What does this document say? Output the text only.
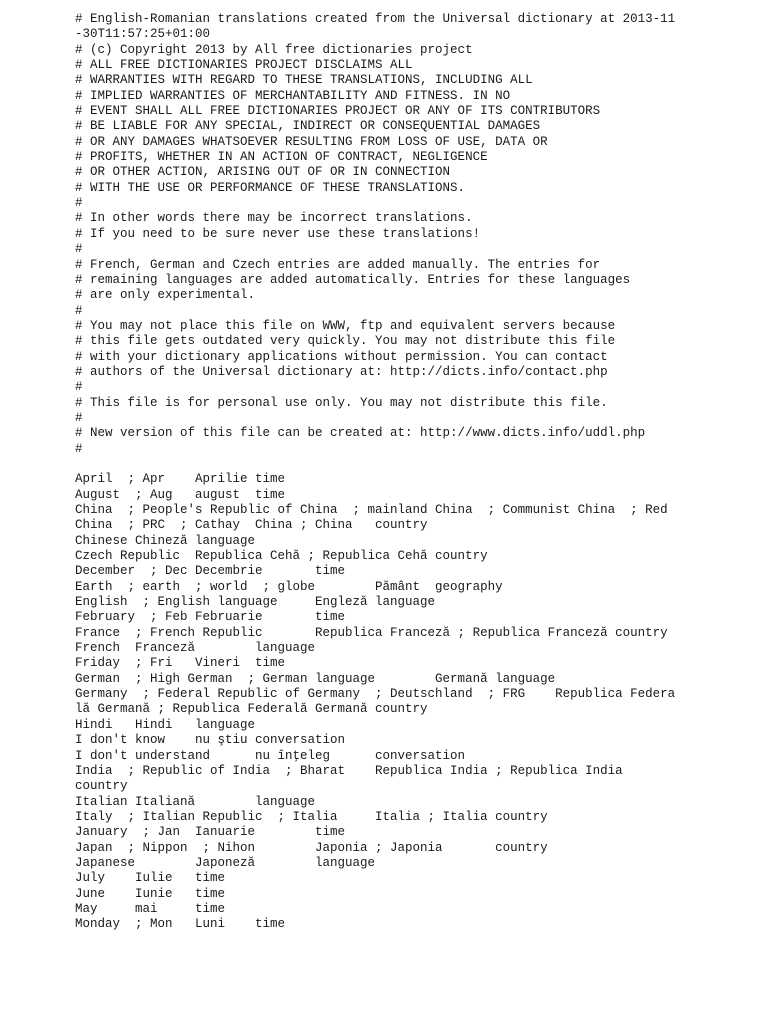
# English-Romanian translations created from the Universal dictionary at 2013-11
-30T11:57:25+01:00
# (c) Copyright 2013 by All free dictionaries project
# ALL FREE DICTIONARIES PROJECT DISCLAIMS ALL
# WARRANTIES WITH REGARD TO THESE TRANSLATIONS, INCLUDING ALL
# IMPLIED WARRANTIES OF MERCHANTABILITY AND FITNESS. IN NO
# EVENT SHALL ALL FREE DICTIONARIES PROJECT OR ANY OF ITS CONTRIBUTORS
# BE LIABLE FOR ANY SPECIAL, INDIRECT OR CONSEQUENTIAL DAMAGES
# OR ANY DAMAGES WHATSOEVER RESULTING FROM LOSS OF USE, DATA OR
# PROFITS, WHETHER IN AN ACTION OF CONTRACT, NEGLIGENCE
# OR OTHER ACTION, ARISING OUT OF OR IN CONNECTION
# WITH THE USE OR PERFORMANCE OF THESE TRANSLATIONS.
#
# In other words there may be incorrect translations.
# If you need to be sure never use these translations!
#
# French, German and Czech entries are added manually. The entries for
# remaining languages are added automatically. Entries for these languages
# are only experimental.
#
# You may not place this file on WWW, ftp and equivalent servers because
# this file gets outdated very quickly. You may not distribute this file
# with your dictionary applications without permission. You can contact
# authors of the Universal dictionary at: http://dicts.info/contact.php
#
# This file is for personal use only. You may not distribute this file.
#
# New version of this file can be created at: http://www.dicts.info/uddl.php
#
April  ; Apr    Aprilie time
August  ; Aug   august  time
China  ; People's Republic of China  ; mainland China  ; Communist China  ; Red
China  ; PRC  ; Cathay  China ; China   country
Chinese Chineză language
Czech Republic  Republica Cehă ; Republica Cehă country
December  ; Dec Decembrie       time
Earth  ; earth  ; world  ; globe        Pământ  geography
English  ; English language     Engleză language
February  ; Feb Februarie       time
France  ; French Republic       Republica Franceză ; Republica Franceză country
French  Franceză        language
Friday  ; Fri   Vineri  time
German  ; High German  ; German language        Germană language
Germany  ; Federal Republic of Germany  ; Deutschland  ; FRG    Republica Federa
lă Germană ; Republica Federală Germană country
Hindi   Hindi   language
I don't know    nu ştiu conversation
I don't understand      nu înţeleg      conversation
India  ; Republic of India  ; Bharat    Republica India ; Republica India
country
Italian Italiană        language
Italy  ; Italian Republic  ; Italia     Italia ; Italia country
January  ; Jan  Ianuarie        time
Japan  ; Nippon  ; Nihon        Japonia ; Japonia       country
Japanese        Japoneză        language
July    Iulie   time
June    Iunie   time
May     mai     time
Monday  ; Mon   Luni    time
